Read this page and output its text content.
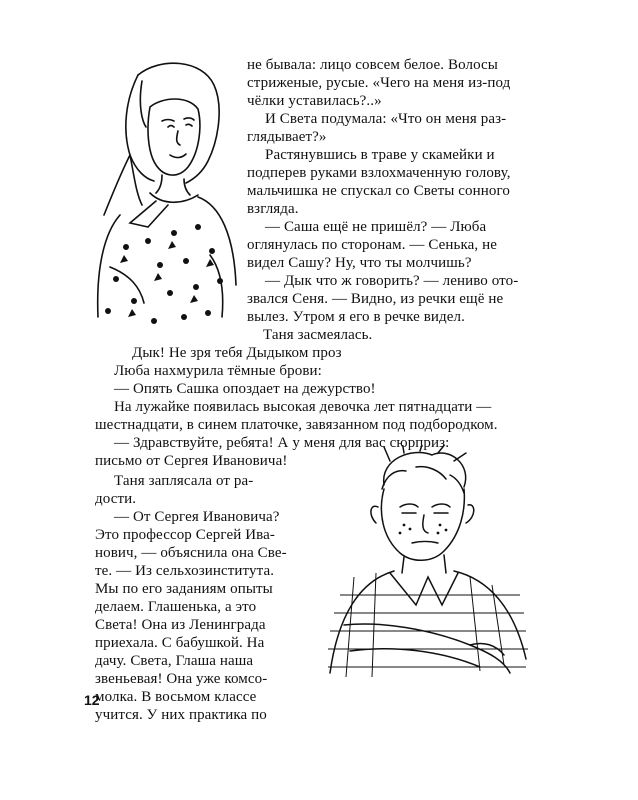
не бывала: лицо совсем белое. Волосы
стриженые, русые. «Чего на меня из-под
чёлки уставилась?..»
И Света подумала: «Что он меня раз-
глядывает?»
Растянувшись в траве у скамейки и
подперев руками взлохмаченную голову,
мальчишка не спускал со Светы сонного
взгляда.
— Саша ещё не пришёл? — Люба
оглянулась по сторонам. — Сенька, не
видел Сашу? Ну, что ты молчишь?
— Дык что ж говорить? — лениво ото-
звался Сеня. — Видно, из речки ещё не
вылез. Утром я его в речке видел.
Таня засмеялась.
Дык! Не зря тебя Дыдыком проз
Люба нахмурила тёмные брови:
— Опять Сашка опоздает на дежурство!
На лужайке появилась высокая девочка лет пятнадцати —
шестнадцати, в синем платочке, завязанном под подбородком.
— Здравствуйте, ребята! А у меня для вас сюрприз:
письмо от Сергея Ивановича!
Таня заплясала от ра-
дости.
— От Сергея Ивановича?
Это профессор Сергей Ива-
нович, — объяснила она Све-
те. — Из сельхозинститута.
Мы по его заданиям опыты
делаем. Глашенька, а это
Света! Она из Ленинграда
приехала. С бабушкой. На
дачу. Света, Глаша наша
звеньевая! Она уже комсо-
молка. В восьмом классе
учится. У них практика по
12
